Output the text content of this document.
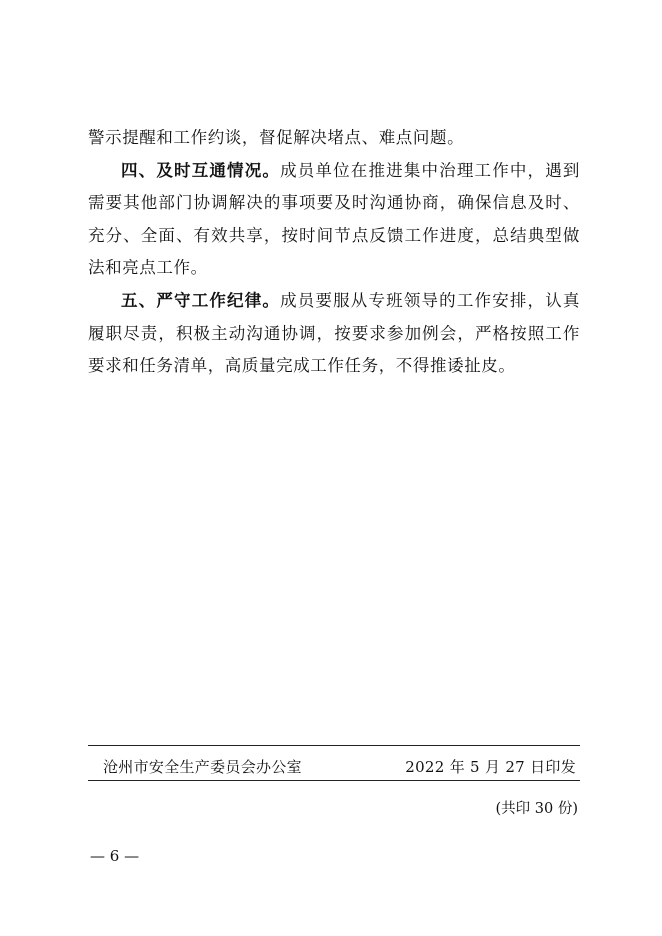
警示提醒和工作约谈，督促解决堵点、难点问题。

四、及时互通情况。成员单位在推进集中治理工作中，遇到需要其他部门协调解决的事项要及时沟通协商，确保信息及时、充分、全面、有效共享，按时间节点反馈工作进度，总结典型做法和亮点工作。

五、严守工作纪律。成员要服从专班领导的工作安排，认真履职尽责，积极主动沟通协调，按要求参加例会，严格按照工作要求和任务清单，高质量完成工作任务，不得推诿扯皮。

沧州市安全生产委员会办公室	2022 年 5 月 27 日印发
(共印 30 份)
— 6 —
